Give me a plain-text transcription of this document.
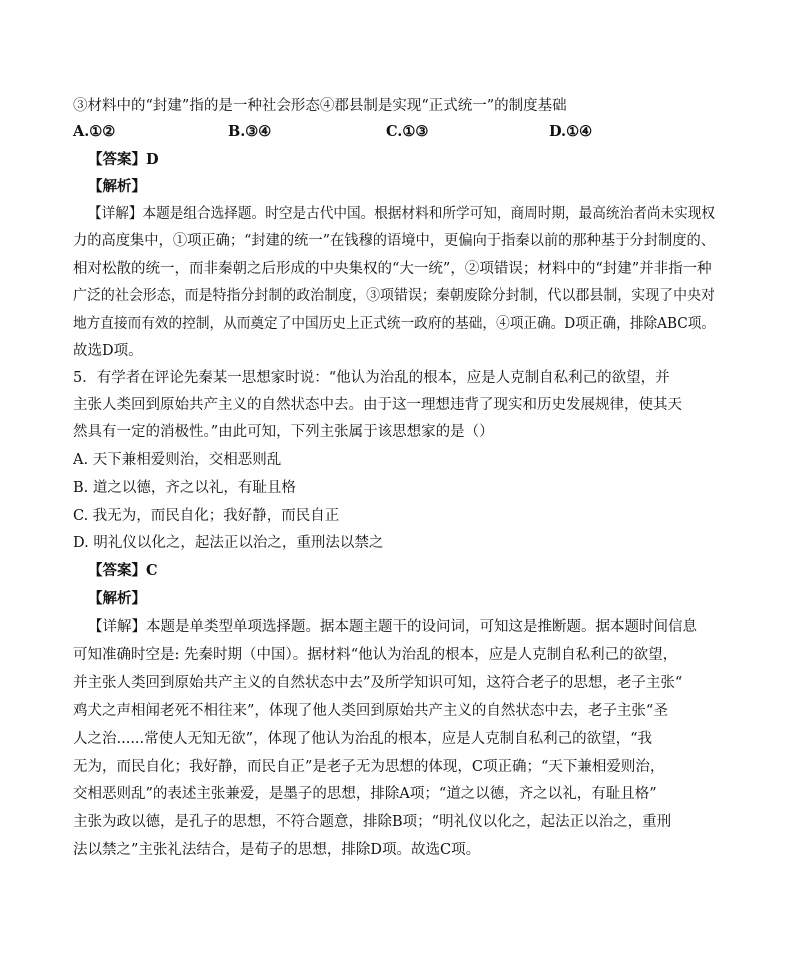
③材料中的“封建”指的是一种社会形态④郡县制是实现“正式统一”的制度基础
A.①②	B.③④	C.①③	D.①④
【答案】D
【解析】
【详解】本题是组合选择题。时空是古代中国。根据材料和所学可知，商周时期，最高统治者尚未实现权
力的高度集中，①项正确；“封建的统一”在钱穆的语境中，更偏向于指秦以前的那种基于分封制度的、
相对松散的统一，而非秦朝之后形成的中央集权的“大一统”，②项错误；材料中的“封建”并非指一种
广泛的社会形态，而是特指分封制的政治制度，③项错误；秦朝废除分封制，代以郡县制，实现了中央对
地方直接而有效的控制，从而奠定了中国历史上正式统一政府的基础，④项正确。D项正确，排除ABC项。
故选D项。
5．有学者在评论先秦某一思想家时说：“他认为治乱的根本，应是人克制自私利己的欲望，并
主张人类回到原始共产主义的自然状态中去。由于这一理想违背了现实和历史发展规律，使其天
然具有一定的消极性。”由此可知，下列主张属于该思想家的是（）
A. 天下兼相爱则治，交相恶则乱
B. 道之以德，齐之以礼，有耻且格
C. 我无为，而民自化；我好静，而民自正
D. 明礼仪以化之，起法正以治之，重刑法以禁之
【答案】C
【解析】
【详解】本题是单类型单项选择题。据本题主题干的设问词，可知这是推断题。据本题时间信息
可知准确时空是: 先秦时期（中国）。据材料“他认为治乱的根本，应是人克制自私利己的欲望，
并主张人类回到原始共产主义的自然状态中去”及所学知识可知，这符合老子的思想，老子主张“
鸡犬之声相闻老死不相往来”，体现了他人类回到原始共产主义的自然状态中去，老子主张“圣
人之治......常使人无知无欲”，体现了他认为治乱的根本，应是人克制自私利己的欲望，“我
无为，而民自化；我好静，而民自正”是老子无为思想的体现，C项正确；“天下兼相爱则治，
交相恶则乱”的表述主张兼爱，是墨子的思想，排除A项；“道之以德，齐之以礼，有耻且格”
主张为政以德，是孔子的思想，不符合题意，排除B项；“明礼仪以化之，起法正以治之，重刑
法以禁之”主张礼法结合，是荀子的思想，排除D项。故选C项。
